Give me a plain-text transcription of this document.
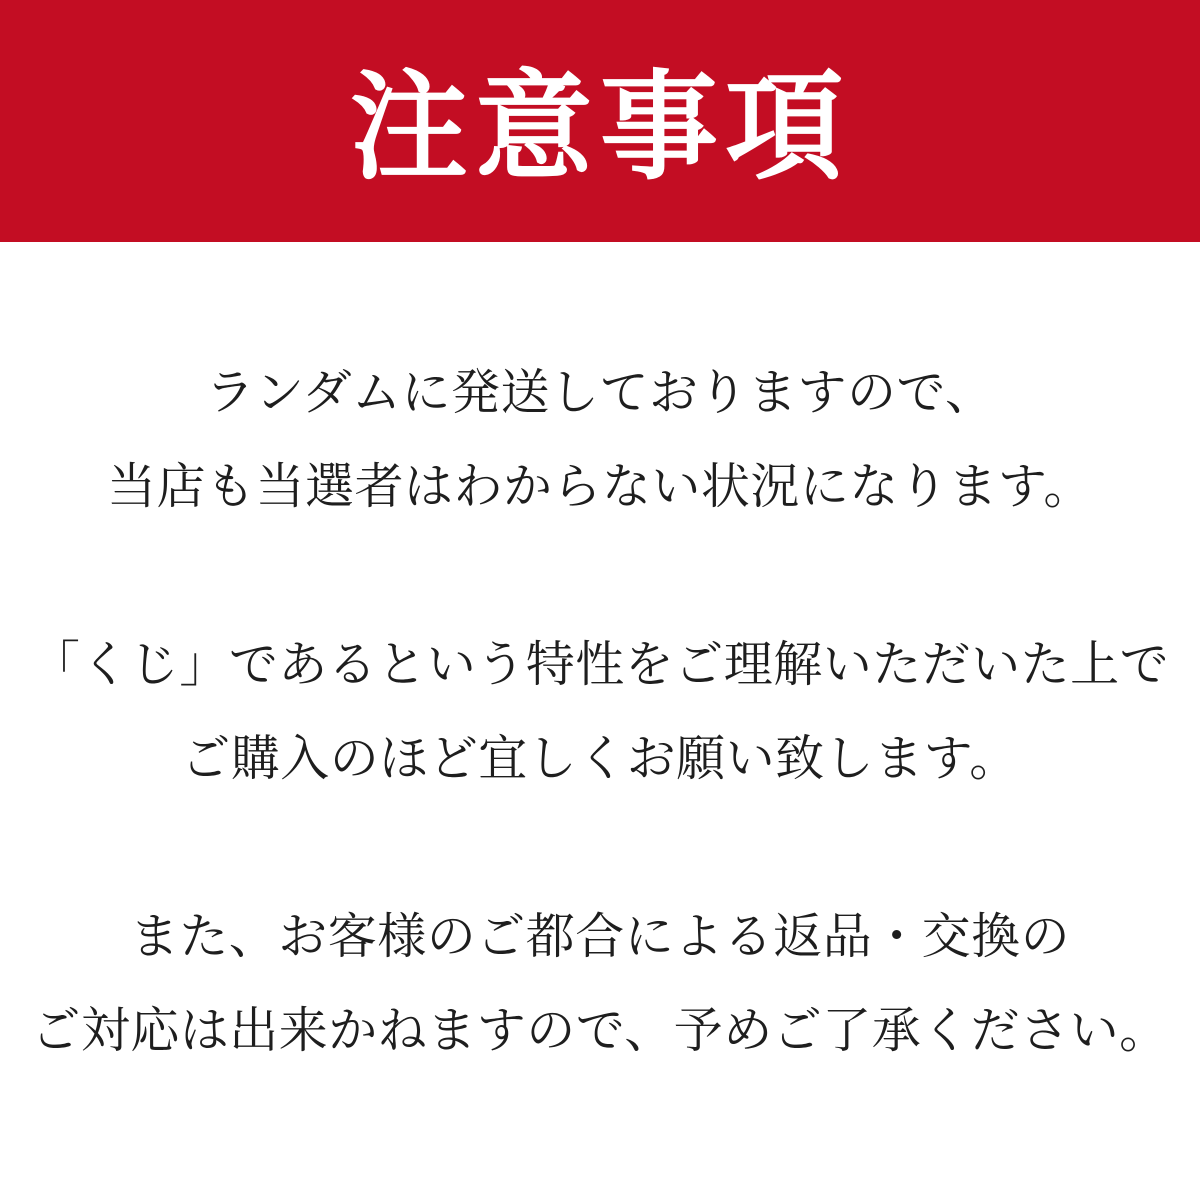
注意事項
ランダムに発送しておりますので、
当店も当選者はわからない状況になります。
「くじ」であるという特性をご理解いただいた上で
ご購入のほど宜しくお願い致します。
また、お客様のご都合による返品・交換の
ご対応は出来かねますので、予めご了承ください。
